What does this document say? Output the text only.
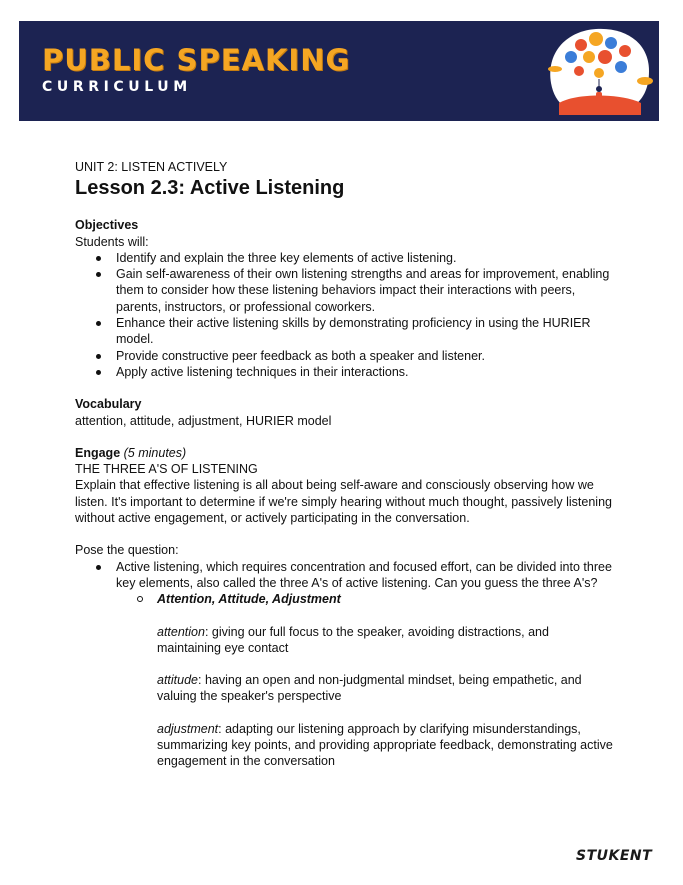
PUBLIC SPEAKING
CURRICULUM
UNIT 2: LISTEN ACTIVELY
Lesson 2.3: Active Listening
Objectives
Students will:
Identify and explain the three key elements of active listening.
Gain self-awareness of their own listening strengths and areas for improvement, enabling them to consider how these listening behaviors impact their interactions with peers, parents, instructors, or professional coworkers.
Enhance their active listening skills by demonstrating proficiency in using the HURIER model.
Provide constructive peer feedback as both a speaker and listener.
Apply active listening techniques in their interactions.
Vocabulary
attention, attitude, adjustment, HURIER model
Engage (5 minutes)
THE THREE A'S OF LISTENING
Explain that effective listening is all about being self-aware and consciously observing how we listen. It's important to determine if we're simply hearing without much thought, passively listening without active engagement, or actively participating in the conversation.
Pose the question:
Active listening, which requires concentration and focused effort, can be divided into three key elements, also called the three A's of active listening. Can you guess the three A's?
Attention, Attitude, Adjustment
attention: giving our full focus to the speaker, avoiding distractions, and maintaining eye contact
attitude: having an open and non-judgmental mindset, being empathetic, and valuing the speaker's perspective
adjustment: adapting our listening approach by clarifying misunderstandings, summarizing key points, and providing appropriate feedback, demonstrating active engagement in the conversation
STUKENT
